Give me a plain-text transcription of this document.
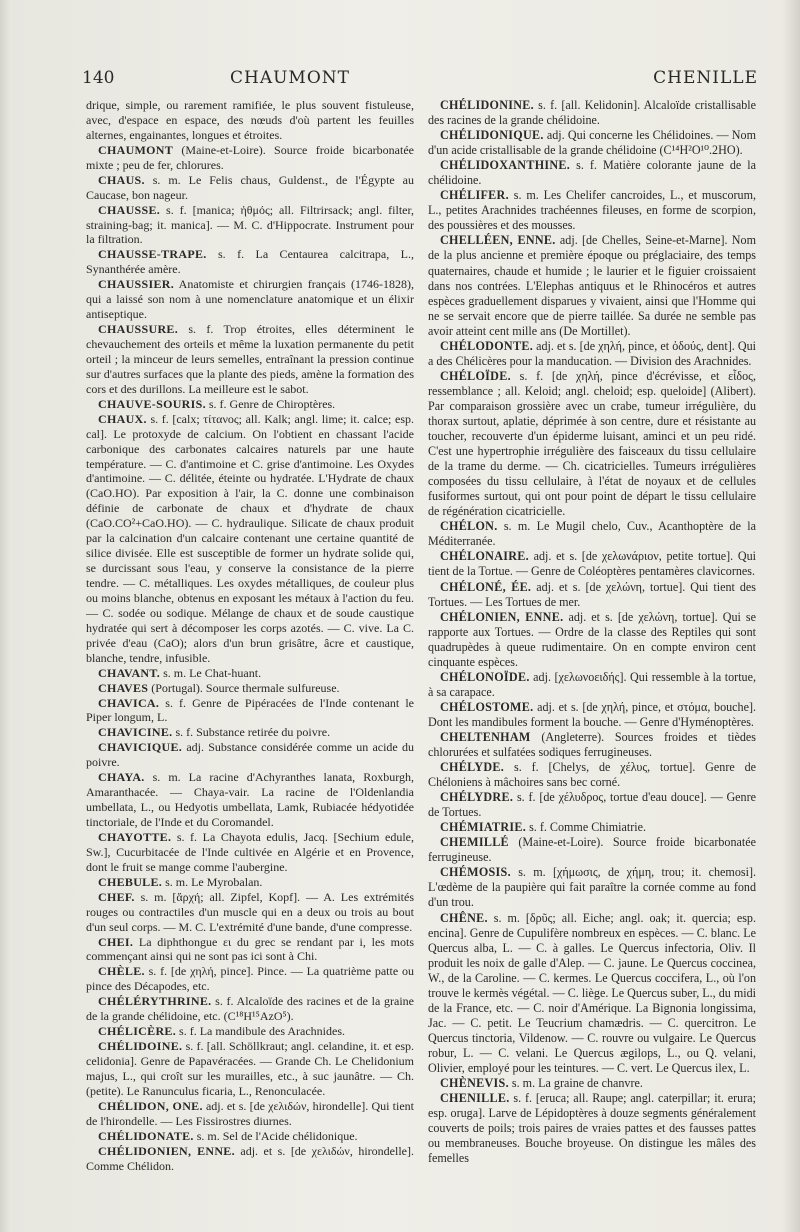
140	CHAUMONT	CHENILLE

drique, simple, ou rarement ramifiée, le plus souvent fistuleuse, avec, d'espace en espace, des nœuds d'où partent les feuilles alternes, engainantes, longues et étroites.

CHAUMONT (Maine-et-Loire). Source froide bicarbonatée mixte ; peu de fer, chlorures.

CHAUS. s. m. Le Felis chaus, Guldenst., de l'Égypte au Caucase, bon nageur.

CHAUSSE. s. f. [manica; ἠθμός; all. Filtrirsack; angl. filter, straining-bag; it. manica]. — M. C. d'Hippocrate. Instrument pour la filtration.

CHAUSSE-TRAPE. s. f. La Centaurea calcitrapa, L., Synanthérée amère.

CHAUSSIER. Anatomiste et chirurgien français (1746-1828), qui a laissé son nom à une nomenclature anatomique et un élixir antiseptique.

CHAUSSURE. s. f. Trop étroites, elles déterminent le chevauchement des orteils et même la luxation permanente du petit orteil ; la minceur de leurs semelles, entraînant la pression continue sur d'autres surfaces que la plante des pieds, amène la formation des cors et des durillons. La meilleure est le sabot.

CHAUVE-SOURIS. s. f. Genre de Chiroptères.

CHAUX. s. f. [calx; τίτανος; all. Kalk; angl. lime; it. calce; esp. cal]. Le protoxyde de calcium. On l'obtient en chassant l'acide carbonique des carbonates calcaires naturels par une haute température. — C. d'antimoine et C. grise d'antimoine. Les Oxydes d'antimoine. — C. délitée, éteinte ou hydratée. L'Hydrate de chaux (CaO.HO). Par exposition à l'air, la C. donne une combinaison définie de carbonate de chaux et d'hydrate de chaux (CaO.CO²+CaO.HO). — C. hydraulique. Silicate de chaux produit par la calcination d'un calcaire contenant une certaine quantité de silice divisée. Elle est susceptible de former un hydrate solide qui, se durcissant sous l'eau, y conserve la consistance de la pierre tendre. — C. métalliques. Les oxydes métalliques, de couleur plus ou moins blanche, obtenus en exposant les métaux à l'action du feu. — C. sodée ou sodique. Mélange de chaux et de soude caustique hydratée qui sert à décomposer les corps azotés. — C. vive. La C. privée d'eau (CaO); alors d'un brun grisâtre, âcre et caustique, blanche, tendre, infusible.

CHAVANT. s. m. Le Chat-huant.

CHAVES (Portugal). Source thermale sulfureuse.

CHAVICA. s. f. Genre de Pipéracées de l'Inde contenant le Piper longum, L.

CHAVICINE. s. f. Substance retirée du poivre.

CHAVICIQUE. adj. Substance considérée comme un acide du poivre.

CHAYA. s. m. La racine d'Achyranthes lanata, Roxburgh, Amaranthacée. — Chaya-vair. La racine de l'Oldenlandia umbellata, L., ou Hedyotis umbellata, Lamk, Rubiacée hédyotidée tinctoriale, de l'Inde et du Coromandel.

CHAYOTTE. s. f. La Chayota edulis, Jacq. [Sechium edule, Sw.], Cucurbitacée de l'Inde cultivée en Algérie et en Provence, dont le fruit se mange comme l'aubergine.

CHEBULE. s. m. Le Myrobalan.

CHEF. s. m. [ἄρχή; all. Zipfel, Kopf]. — A. Les extrémités rouges ou contractiles d'un muscle qui en a deux ou trois au bout d'un seul corps. — M. C. L'extrémité d'une bande, d'une compresse.

CHEI. La diphthongue ει du grec se rendant par i, les mots commençant ainsi qui ne sont pas ici sont à Chi.

CHÈLE. s. f. [de χηλή, pince]. Pince. — La quatrième patte ou pince des Décapodes, etc.

CHÉLÉRYTHRINE. s. f. Alcaloïde des racines et de la graine de la grande chélidoine, etc. (C¹⁸H¹⁵AzO⁵).

CHÉLICÈRE. s. f. La mandibule des Arachnides.

CHÉLIDOINE. s. f. [all. Schöllkraut; angl. celandine, it. et esp. celidonia]. Genre de Papavéracées. — Grande Ch. Le Chelidonium majus, L., qui croît sur les murailles, etc., à suc jaunâtre. — Ch. (petite). Le Ranunculus ficaria, L., Renonculacée.

CHÉLIDON, ONE. adj. et s. [de χελιδών, hirondelle]. Qui tient de l'hirondelle. — Les Fissirostres diurnes.

CHÉLIDONATE. s. m. Sel de l'Acide chélidonique.

CHÉLIDONIEN, ENNE. adj. et s. [de χελιδών, hirondelle]. Comme Chélidon.

CHÉLIDONINE. s. f. [all. Kelidonin]. Alcaloïde cristallisable des racines de la grande chélidoine.

CHÉLIDONIQUE. adj. Qui concerne les Chélidoines. — Nom d'un acide cristallisable de la grande chélidoine (C¹⁴H²O¹⁰.2HO).

CHÉLIDOXANTHINE. s. f. Matière colorante jaune de la chélidoine.

CHÉLIFER. s. m. Les Chelifer cancroides, L., et muscorum, L., petites Arachnides trachéennes fileuses, en forme de scorpion, des poussières et des mousses.

CHELLÉEN, ENNE. adj. [de Chelles, Seine-et-Marne]. Nom de la plus ancienne et première époque ou préglaciaire, des temps quaternaires, chaude et humide ; le laurier et le figuier croissaient dans nos contrées. L'Elephas antiquus et le Rhinocéros et autres espèces graduellement disparues y vivaient, ainsi que l'Homme qui ne se servait encore que de pierre taillée. Sa durée ne semble pas avoir atteint cent mille ans (De Mortillet).

CHÉLODONTE. adj. et s. [de χηλή, pince, et ὀδούς, dent]. Qui a des Chélicères pour la manducation. — Division des Arachnides.

CHÉLOÏDE. s. f. [de χηλή, pince d'écrévisse, et εἶδος, ressemblance ; all. Keloid; angl. cheloid; esp. queloide] (Alibert). Par comparaison grossière avec un crabe, tumeur irrégulière, du thorax surtout, aplatie, déprimée à son centre, dure et résistante au toucher, recouverte d'un épiderme luisant, aminci et un peu ridé. C'est une hypertrophie irrégulière des faisceaux du tissu cellulaire de la trame du derme. — Ch. cicatricielles. Tumeurs irrégulières composées du tissu cellulaire, à l'état de noyaux et de cellules fusiformes surtout, qui ont pour point de départ le tissu cellulaire de régénération cicatricielle.

CHÉLON. s. m. Le Mugil chelo, Cuv., Acanthoptère de la Méditerranée.

CHÉLONAIRE. adj. et s. [de χελωνάριον, petite tortue]. Qui tient de la Tortue. — Genre de Coléoptères pentamères clavicornes.

CHÉLONÉ, ÉE. adj. et s. [de χελώνη, tortue]. Qui tient des Tortues. — Les Tortues de mer.

CHÉLONIEN, ENNE. adj. et s. [de χελώνη, tortue]. Qui se rapporte aux Tortues. — Ordre de la classe des Reptiles qui sont quadrupèdes à queue rudimentaire. On en compte environ cent cinquante espèces.

CHÉLONOÏDE. adj. [χελωνοειδής]. Qui ressemble à la tortue, à sa carapace.

CHÉLOSTOME. adj. et s. [de χηλή, pince, et στόμα, bouche]. Dont les mandibules forment la bouche. — Genre d'Hyménoptères.

CHELTENHAM (Angleterre). Sources froides et tièdes chlorurées et sulfatées sodiques ferrugineuses.

CHÉLYDE. s. f. [Chelys, de χέλυς, tortue]. Genre de Chéloniens à mâchoires sans bec corné.

CHÉLYDRE. s. f. [de χέλυδρος, tortue d'eau douce]. — Genre de Tortues.

CHÉMIATRIE. s. f. Comme Chimiatrie.

CHEMILLÉ (Maine-et-Loire). Source froide bicarbonatée ferrugineuse.

CHÉMOSIS. s. m. [χήμωσις, de χήμη, trou; it. chemosi]. L'œdème de la paupière qui fait paraître la cornée comme au fond d'un trou.

CHÊNE. s. m. [δρῦς; all. Eiche; angl. oak; it. quercia; esp. encina]. Genre de Cupulifère nombreux en espèces. — C. blanc. Le Quercus alba, L. — C. à galles. Le Quercus infectoria, Oliv. Il produit les noix de galle d'Alep. — C. jaune. Le Quercus coccinea, W., de la Caroline. — C. kermes. Le Quercus coccifera, L., où l'on trouve le kermès végétal. — C. liège. Le Quercus suber, L., du midi de la France, etc. — C. noir d'Amérique. La Bignonia longissima, Jac. — C. petit. Le Teucrium chamædris. — C. quercitron. Le Quercus tinctoria, Vildenow. — C. rouvre ou vulgaire. Le Quercus robur, L. — C. velani. Le Quercus ægilops, L., ou Q. velani, Olivier, employé pour les teintures. — C. vert. Le Quercus ilex, L.

CHÈNEVIS. s. m. La graine de chanvre.

CHENILLE. s. f. [eruca; all. Raupe; angl. caterpillar; it. erura; esp. oruga]. Larve de Lépidoptères à douze segments généralement couverts de poils; trois paires de vraies pattes et des fausses pattes ou membraneuses. Bouche broyeuse. On distingue les mâles des femelles
